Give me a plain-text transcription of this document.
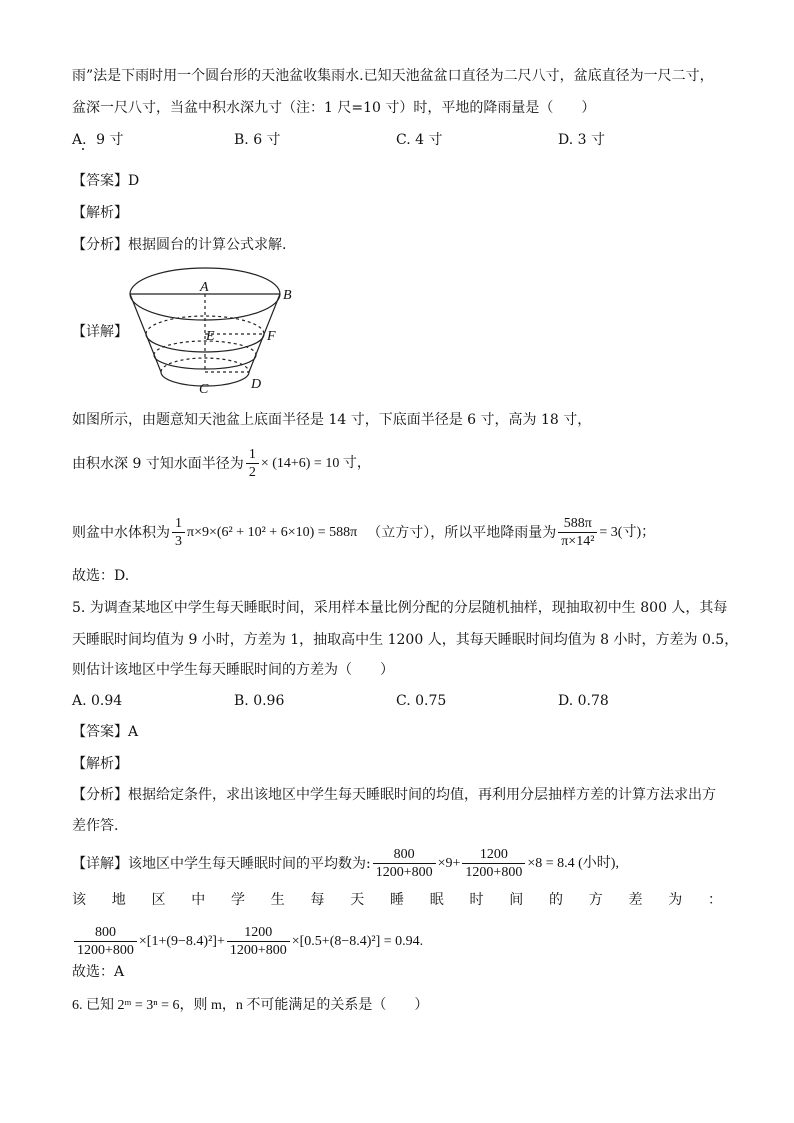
雨”法是下雨时用一个圆台形的天池盆收集雨水.已知天池盆盆口直径为二尺八寸，盆底直径为一尺二寸，
盆深一尺八寸，当盆中积水深九寸（注：1 尺=10 寸）时，平地的降雨量是（　　）
A．9 寸	B. 6 寸	C. 4 寸	D. 3 寸
【答案】D
【解析】
【分析】根据圆台的计算公式求解.
【详解】
A
B
E	F
C	D
如图所示，由题意知天池盆上底面半径是 14 寸，下底面半径是 6 寸，高为 18 寸，
由积水深 9 寸知水面半径为 $\frac{1}{2} \times (14+6) = 10$ 寸，
则盆中水体积为 $\frac{1}{3} \pi\times 9\times(6^2 + 10^2 + 6\times 10) = 588\pi$ （立方寸），所以平地降雨量为 $\frac{588\pi}{\text{π×14²}} = 3$(寸)；
故选：D.
5. 为调查某地区中学生每天睡眠时间，采用样本量比例分配的分层随机抽样，现抽取初中生 800 人，其每
天睡眠时间均值为 9 小时，方差为 1，抽取高中生 1200 人，其每天睡眠时间均值为 8 小时，方差为 0.5，
则估计该地区中学生每天睡眠时间的方差为（　　）
A. 0.94	B. 0.96	C. 0.75	D. 0.78
【答案】A
【解析】
【分析】根据给定条件，求出该地区中学生每天睡眠时间的均值，再利用分层抽样方差的计算方法求出方
差作答.
【详解】该地区中学生每天睡眠时间的平均数为: $\frac{800}{1200+800} \times 9+ \frac{1200}{1200+800} \times 8 = 8.4$ (小时),
该 地 区 中 学 生 每 天 睡 眠 时 间 的 方 差 为 ：
$\frac{800}{1200+800} \times[1+(9-8.4)^2]+ \frac{1200}{1200+800} \times[0.5+(8-8.4)^2] = 0.94$.
故选：A
6. 已知 2ᵐ = 3ⁿ = 6，则 m，n 不可能满足的关系是（　　）
